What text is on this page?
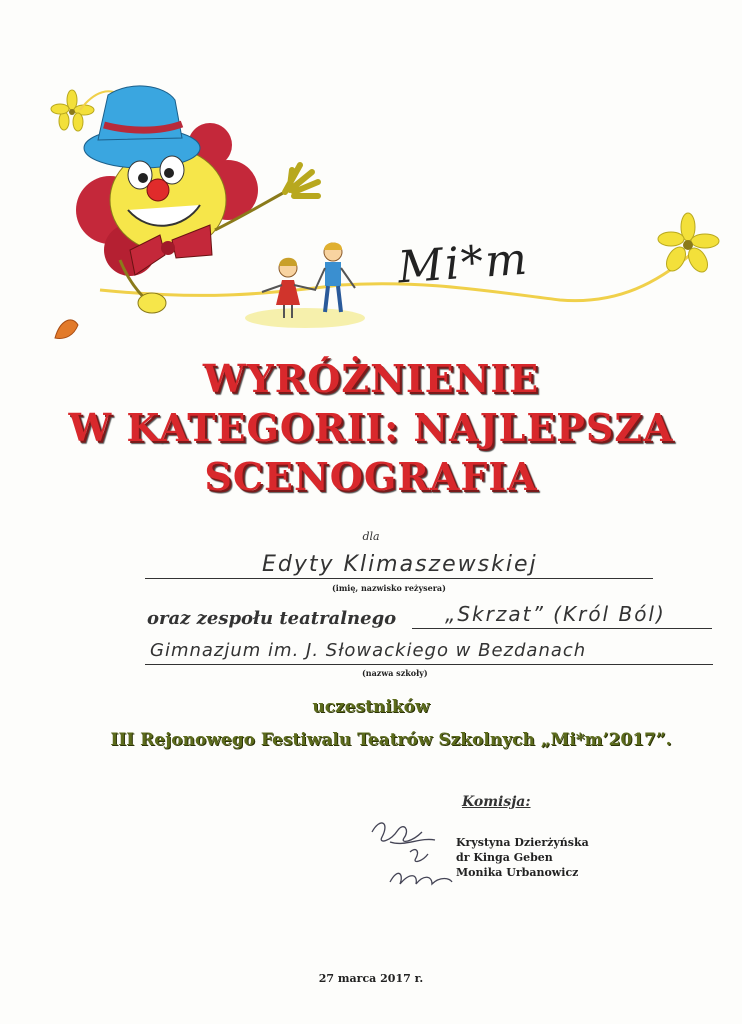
Mi*m
WYRÓŻNIENIE
W KATEGORII: NAJLEPSZA
SCENOGRAFIA
dla
Edyty Klimaszewskiej
(imię, nazwisko reżysera)
oraz zespołu teatralnego „Skrzat” (Król Ból)
Gimnazjum im. J. Słowackiego w Bezdanach
(nazwa szkoły)
uczestników
III Rejonowego Festiwalu Teatrów Szkolnych „Mi*m’2017”.
Komisja:
Krystyna Dzierżyńska
dr Kinga Geben
Monika Urbanowicz
27 marca 2017 r.
